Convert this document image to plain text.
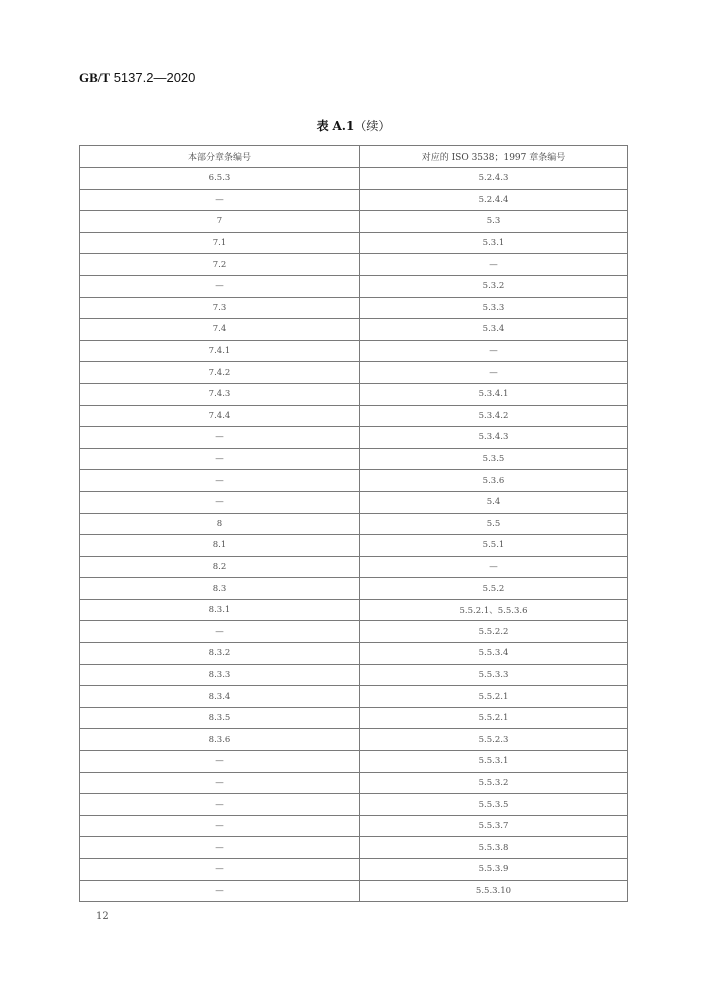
GB/T 5137.2—2020
表 A.1（续）
本部分章条编号	对应的 ISO 3538；1997 章条编号
6.5.3	5.2.4.3
—	5.2.4.4
7	5.3
7.1	5.3.1
7.2	—
—	5.3.2
7.3	5.3.3
7.4	5.3.4
7.4.1	—
7.4.2	—
7.4.3	5.3.4.1
7.4.4	5.3.4.2
—	5.3.4.3
—	5.3.5
—	5.3.6
—	5.4
8	5.5
8.1	5.5.1
8.2	—
8.3	5.5.2
8.3.1	5.5.2.1、5.5.3.6
—	5.5.2.2
8.3.2	5.5.3.4
8.3.3	5.5.3.3
8.3.4	5.5.2.1
8.3.5	5.5.2.1
8.3.6	5.5.2.3
—	5.5.3.1
—	5.5.3.2
—	5.5.3.5
—	5.5.3.7
—	5.5.3.8
—	5.5.3.9
—	5.5.3.10
12
